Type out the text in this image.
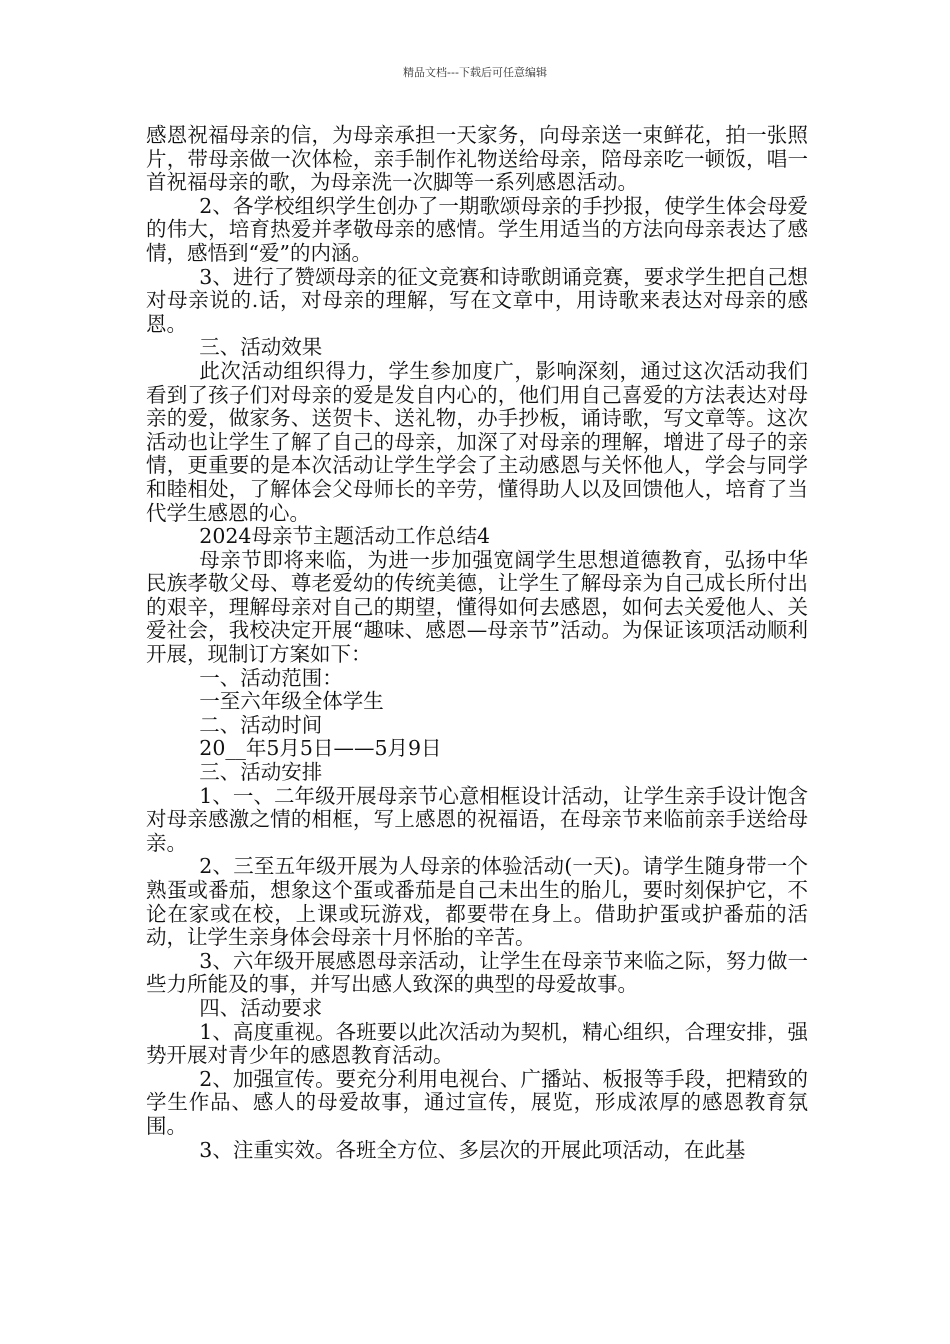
精品文档---下载后可任意编辑

感恩祝福母亲的信，为母亲承担一天家务，向母亲送一束鲜花，拍一张照片，带母亲做一次体检，亲手制作礼物送给母亲，陪母亲吃一顿饭，唱一首祝福母亲的歌，为母亲洗一次脚等一系列感恩活动。

2、各学校组织学生创办了一期歌颂母亲的手抄报，使学生体会母爱的伟大，培育热爱并孝敬母亲的感情。学生用适当的方法向母亲表达了感情，感悟到“爱”的内涵。

3、进行了赞颂母亲的征文竞赛和诗歌朗诵竞赛，要求学生把自己想对母亲说的.话，对母亲的理解，写在文章中，用诗歌来表达对母亲的感恩。

三、活动效果

此次活动组织得力，学生参加度广，影响深刻，通过这次活动我们看到了孩子们对母亲的爱是发自内心的，他们用自己喜爱的方法表达对母亲的爱，做家务、送贺卡、送礼物，办手抄板，诵诗歌，写文章等。这次活动也让学生了解了自己的母亲，加深了对母亲的理解，增进了母子的亲情，更重要的是本次活动让学生学会了主动感恩与关怀他人，学会与同学和睦相处，了解体会父母师长的辛劳，懂得助人以及回馈他人，培育了当代学生感恩的心。

2024母亲节主题活动工作总结4

母亲节即将来临，为进一步加强宽阔学生思想道德教育，弘扬中华民族孝敬父母、尊老爱幼的传统美德，让学生了解母亲为自己成长所付出的艰辛，理解母亲对自己的期望，懂得如何去感恩，如何去关爱他人、关爱社会，我校决定开展“趣味、感恩—母亲节”活动。为保证该项活动顺利开展，现制订方案如下：

一、活动范围：

一至六年级全体学生

二、活动时间

20__年5月5日——5月9日

三、活动安排

1、一、二年级开展母亲节心意相框设计活动，让学生亲手设计饱含对母亲感激之情的相框，写上感恩的祝福语，在母亲节来临前亲手送给母亲。

2、三至五年级开展为人母亲的体验活动(一天)。请学生随身带一个熟蛋或番茄，想象这个蛋或番茄是自己未出生的胎儿，要时刻保护它，不论在家或在校，上课或玩游戏，都要带在身上。借助护蛋或护番茄的活动，让学生亲身体会母亲十月怀胎的辛苦。

3、六年级开展感恩母亲活动，让学生在母亲节来临之际，努力做一些力所能及的事，并写出感人致深的典型的母爱故事。

四、活动要求

1、高度重视。各班要以此次活动为契机，精心组织，合理安排，强势开展对青少年的感恩教育活动。

2、加强宣传。要充分利用电视台、广播站、板报等手段，把精致的学生作品、感人的母爱故事，通过宣传，展览，形成浓厚的感恩教育氛围。

3、注重实效。各班全方位、多层次的开展此项活动，在此基
